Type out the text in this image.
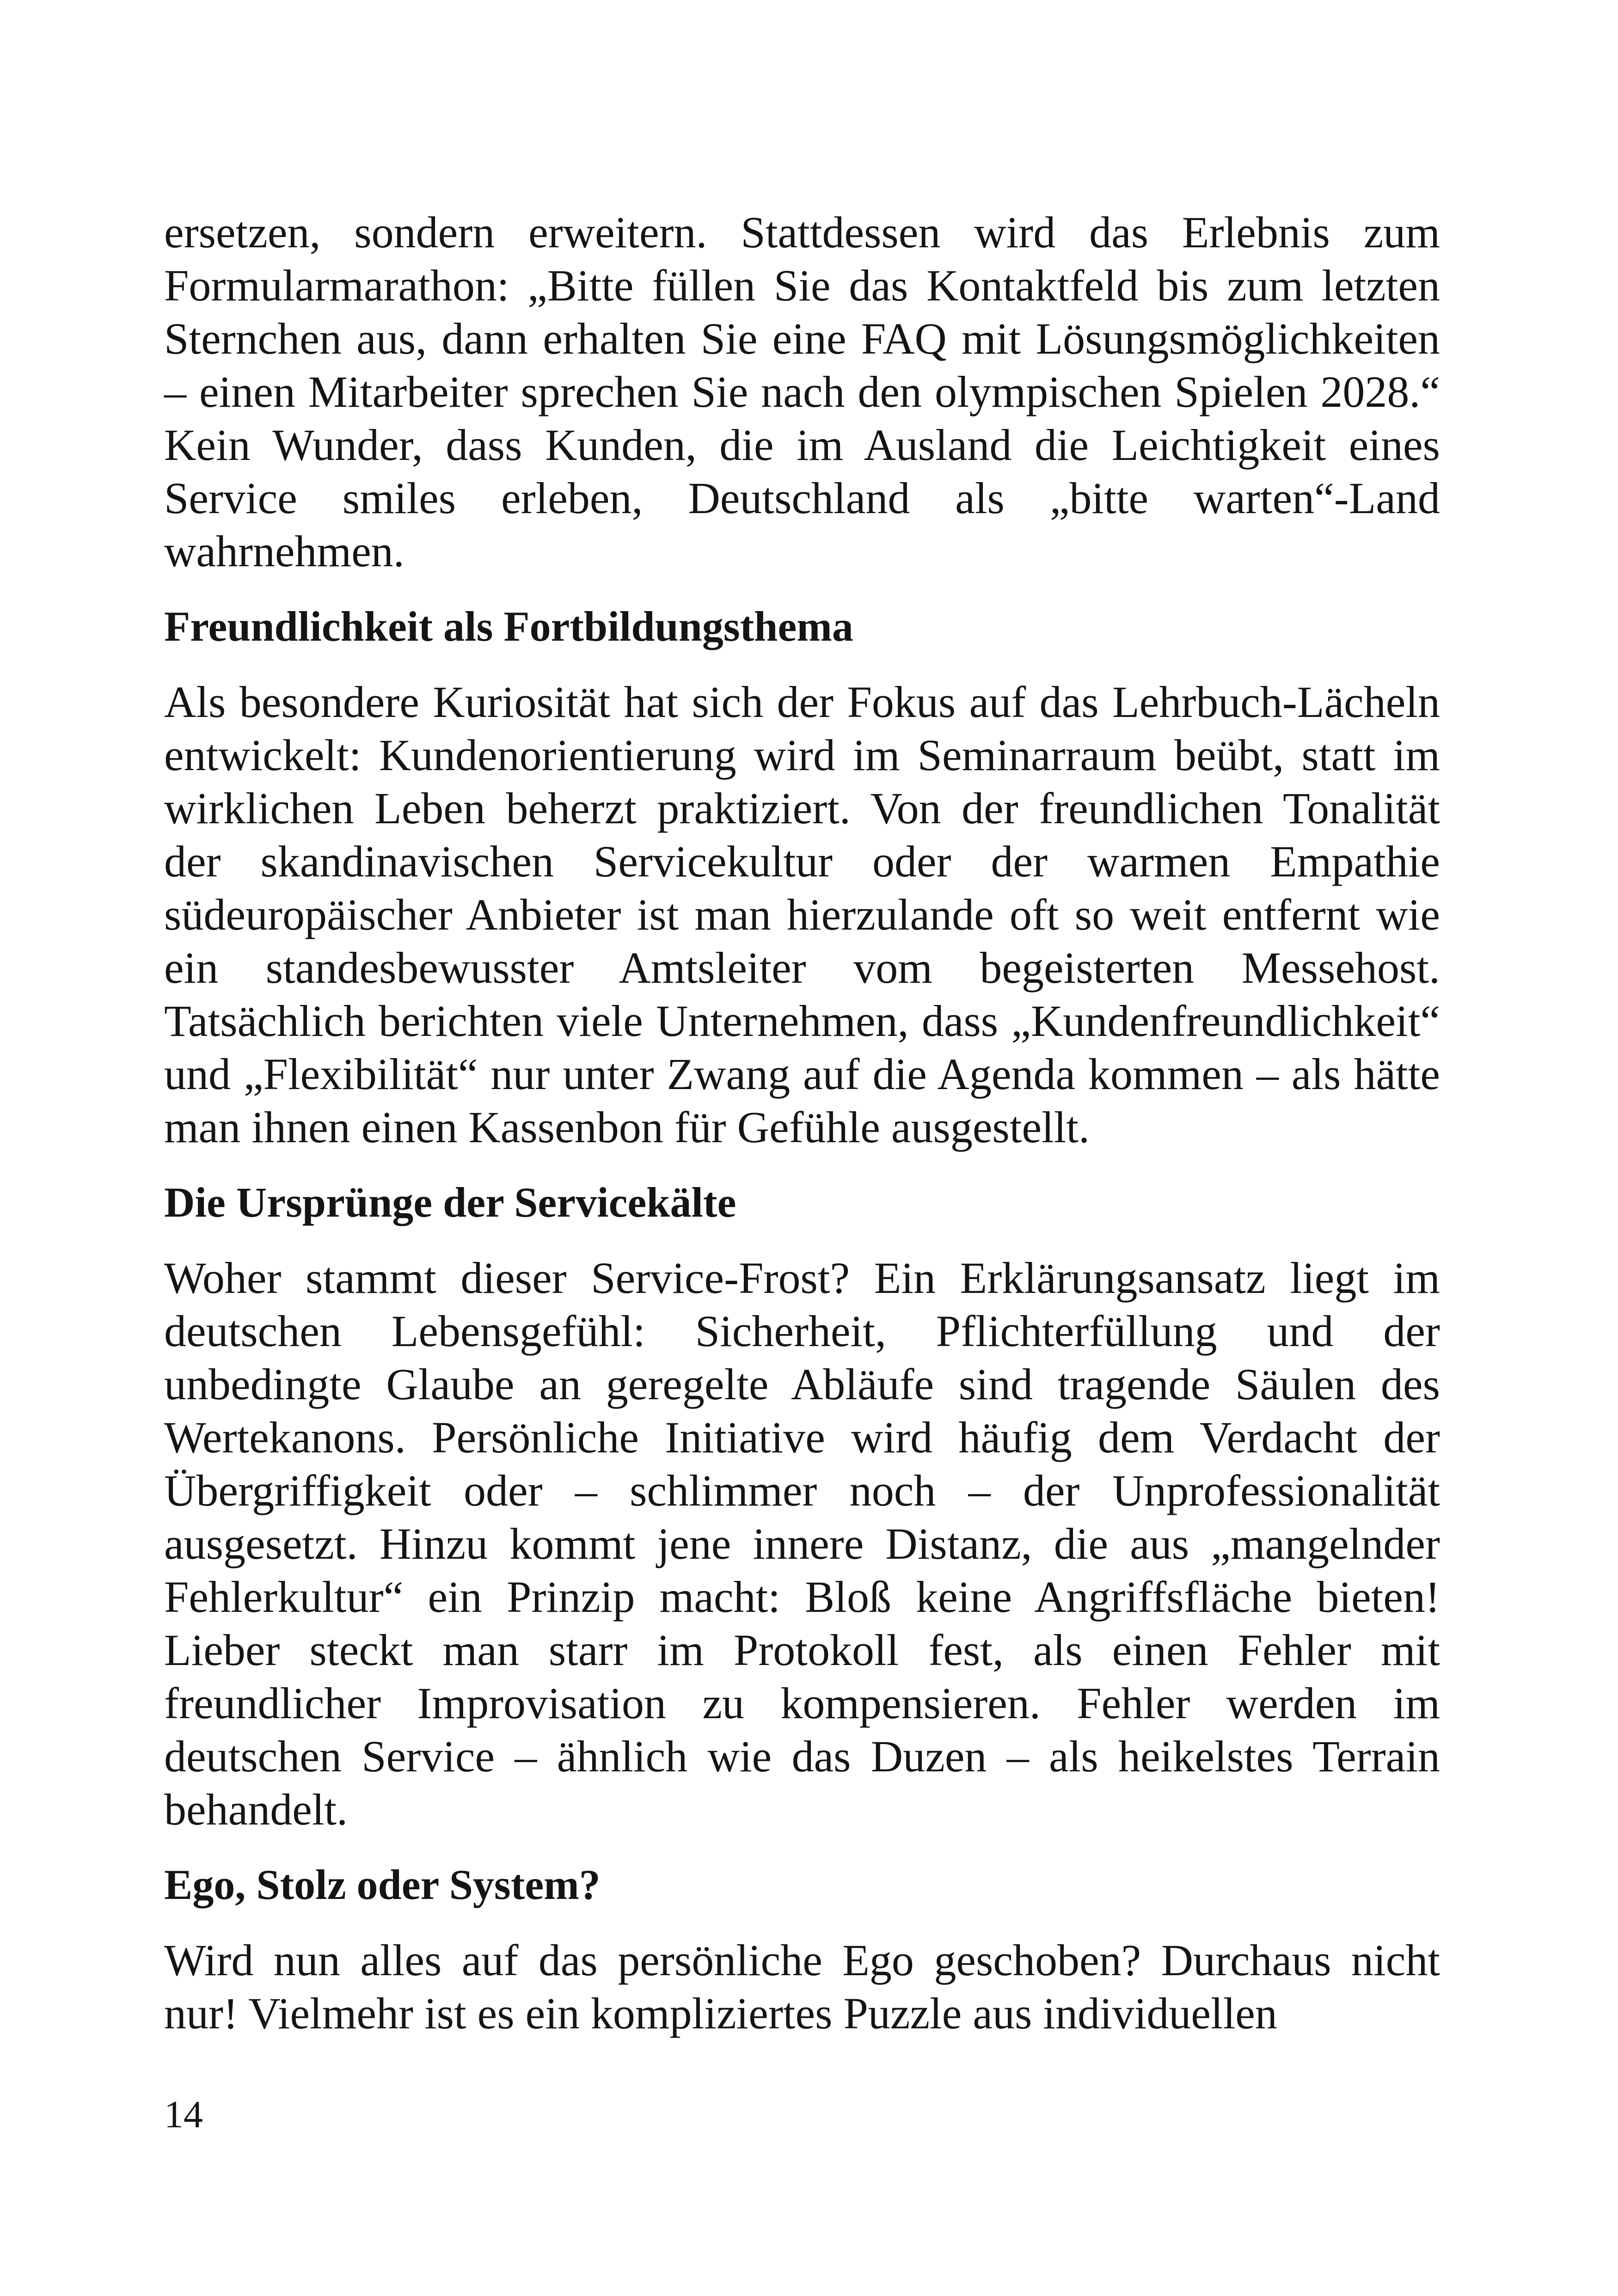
ersetzen, sondern erweitern. Stattdessen wird das Erlebnis zum Formularmarathon: „Bitte füllen Sie das Kontaktfeld bis zum letzten Sternchen aus, dann erhalten Sie eine FAQ mit Lösungsmöglichkeiten – einen Mitarbeiter sprechen Sie nach den olympischen Spielen 2028.“ Kein Wunder, dass Kunden, die im Ausland die Leichtigkeit eines Service smiles erleben, Deutschland als „bitte warten“-Land wahrnehmen.

Freundlichkeit als Fortbildungsthema

Als besondere Kuriosität hat sich der Fokus auf das Lehrbuch-Lächeln entwickelt: Kundenorientierung wird im Seminarraum beübt, statt im wirklichen Leben beherzt praktiziert. Von der freundlichen Tonalität der skandinavischen Servicekultur oder der warmen Empathie südeuropäischer Anbieter ist man hierzulande oft so weit entfernt wie ein standesbewusster Amtsleiter vom begeisterten Messehost. Tatsächlich berichten viele Unternehmen, dass „Kundenfreundlichkeit“ und „Flexibilität“ nur unter Zwang auf die Agenda kommen – als hätte man ihnen einen Kassenbon für Gefühle ausgestellt.

Die Ursprünge der Servicekälte

Woher stammt dieser Service-Frost? Ein Erklärungsansatz liegt im deutschen Lebensgefühl: Sicherheit, Pflichterfüllung und der unbedingte Glaube an geregelte Abläufe sind tragende Säulen des Wertekanons. Persönliche Initiative wird häufig dem Verdacht der Übergriffigkeit oder – schlimmer noch – der Unprofessionalität ausgesetzt. Hinzu kommt jene innere Distanz, die aus „mangelnder Fehlerkultur“ ein Prinzip macht: Bloß keine Angriffsfläche bieten! Lieber steckt man starr im Protokoll fest, als einen Fehler mit freundlicher Improvisation zu kompensieren. Fehler werden im deutschen Service – ähnlich wie das Duzen – als heikelstes Terrain behandelt.

Ego, Stolz oder System?

Wird nun alles auf das persönliche Ego geschoben? Durchaus nicht nur! Vielmehr ist es ein kompliziertes Puzzle aus individuellen

14
